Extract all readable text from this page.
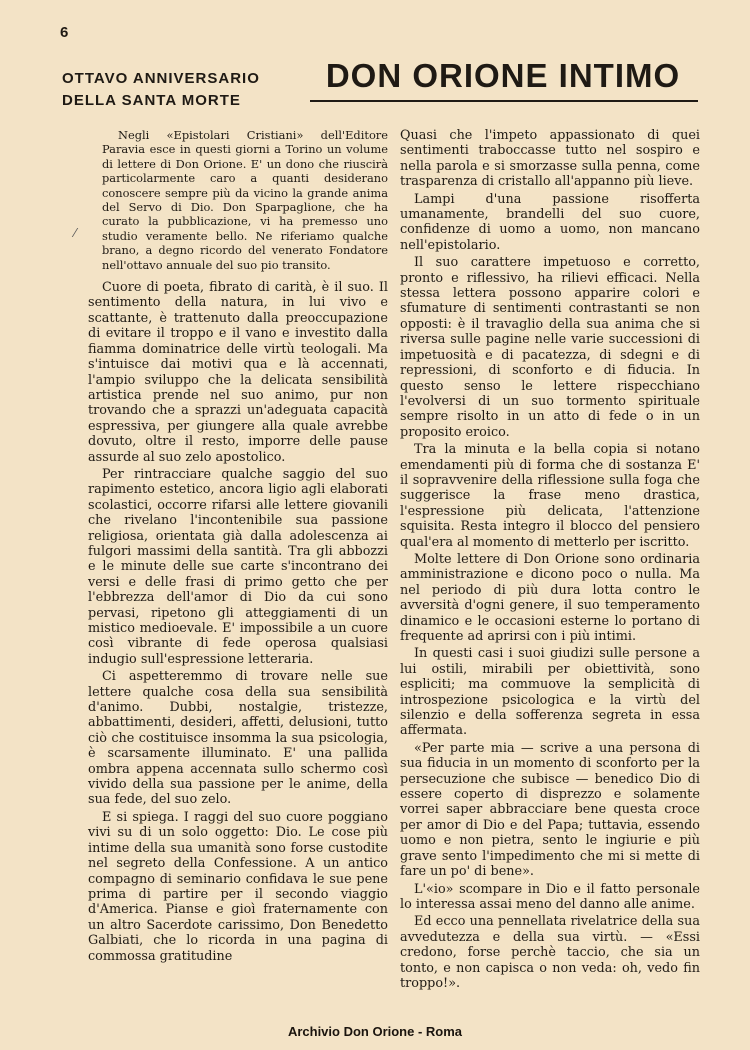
6
OTTAVO ANNIVERSARIO
DELLA SANTA MORTE
DON ORIONE INTIMO
⁄

Negli «Epistolari Cristiani» dell'Editore Paravia esce in questi giorni a Torino un volume di lettere di Don Orione. E' un dono che riuscirà particolarmente caro a quanti desiderano conoscere sempre più da vicino la grande anima del Servo di Dio. Don Sparpaglione, che ha curato la pubblicazione, vi ha premesso uno studio veramente bello. Ne riferiamo qualche brano, a degno ricordo del venerato Fondatore nell'ottavo annuale del suo pio transito.

Cuore di poeta, fibrato di carità, è il suo. Il sentimento della natura, in lui vivo e scattante, è trattenuto dalla preoccupazione di evitare il troppo e il vano e investito dalla fiamma dominatrice delle virtù teologali. Ma s'intuisce dai motivi qua e là accennati, l'ampio sviluppo che la delicata sensibilità artistica prende nel suo animo, pur non trovando che a sprazzi un'adeguata capacità espressiva, per giungere alla quale avrebbe dovuto, oltre il resto, imporre delle pause assurde al suo zelo apostolico.

Per rintracciare qualche saggio del suo rapimento estetico, ancora ligio agli elaborati scolastici, occorre rifarsi alle lettere giovanili che rivelano l'incontenibile sua passione religiosa, orientata già dalla adolescenza ai fulgori massimi della santità. Tra gli abbozzi e le minute delle sue carte s'incontrano dei versi e delle frasi di primo getto che per l'ebbrezza dell'amor di Dio da cui sono pervasi, ripetono gli atteggiamenti di un mistico medioevale. E' impossibile a un cuore così vibrante di fede operosa qualsiasi indugio sull'espressione letteraria.

Ci aspetteremmo di trovare nelle sue lettere qualche cosa della sua sensibilità d'animo. Dubbi, nostalgie, tristezze, abbattimenti, desideri, affetti, delusioni, tutto ciò che costituisce insomma la sua psicologia, è scarsamente illuminato. E' una pallida ombra appena accennata sullo schermo così vivido della sua passione per le anime, della sua fede, del suo zelo.

E si spiega. I raggi del suo cuore poggiano vivi su di un solo oggetto: Dio. Le cose più intime della sua umanità sono forse custodite nel segreto della Confessione. A un antico compagno di seminario confidava le sue pene prima di partire per il secondo viaggio d'America. Pianse e gioì fraternamente con un altro Sacerdote carissimo, Don Benedetto Galbiati, che lo ricorda in una pagina di commossa gratitudine

Quasi che l'impeto appassionato di quei sentimenti traboccasse tutto nel sospiro e nella parola e si smorzasse sulla penna, come trasparenza di cristallo all'appannо più lieve.

Lampi d'una passione risofferta umanamente, brandelli del suo cuore, confidenze di uomo a uomo, non mancano nell'epistolario.

Il suo carattere impetuoso e corretto, pronto e riflessivo, ha rilievi efficaci. Nella stessa lettera possono apparire colori e sfumature di sentimenti contrastanti se non opposti: è il travaglio della sua anima che si riversa sulle pagine nelle varie successioni di impetuosità e di pacatezza, di sdegni e di repressioni, di sconforto e di fiducia. In questo senso le lettere rispecchiano l'evolversi di un suo tormento spirituale sempre risolto in un atto di fede o in un proposito eroico.

Tra la minuta e la bella copia si notano emendamenti più di forma che di sostanza E' il sopravvenire della riflessione sulla foga che suggerisce la frase meno drastica, l'espressione più delicata, l'attenzione squisita. Resta integro il blocco del pensiero qual'era al momento di metterlo per iscritto.

Molte lettere di Don Orione sono ordinaria amministrazione e dicono poco o nulla. Ma nel periodo di più dura lotta contro le avversità d'ogni genere, il suo temperamento dinamico e le occasioni esterne lo portano di frequente ad aprirsi con i più intimi.

In questi casi i suoi giudizi sulle persone a lui ostili, mirabili per obiettività, sono espliciti; ma commuove la semplicità di introspezione psicologica e la virtù del silenzio e della sofferenza segreta in essa affermata.

«Per parte mia — scrive a una persona di sua fiducia in un momento di sconforto per la persecuzione che subisce — benedico Dio di essere coperto di disprezzo e solamente vorrei saper abbracciare bene questa croce per amor di Dio e del Papa; tuttavia, essendo uomo e non pietra, sento le ingiurie e più grave sento l'impedimento che mi si mette di fare un po' di bene».

L'«io» scompare in Dio e il fatto personale lo interessa assai meno del danno alle anime.

Ed ecco una pennellata rivelatrice della sua avvedutezza e della sua virtù. — «Essi credono, forse perchè taccio, che sia un tonto, e non capisca o non veda: oh, vedo fin troppo!».

Archivio Don Orione - Roma
